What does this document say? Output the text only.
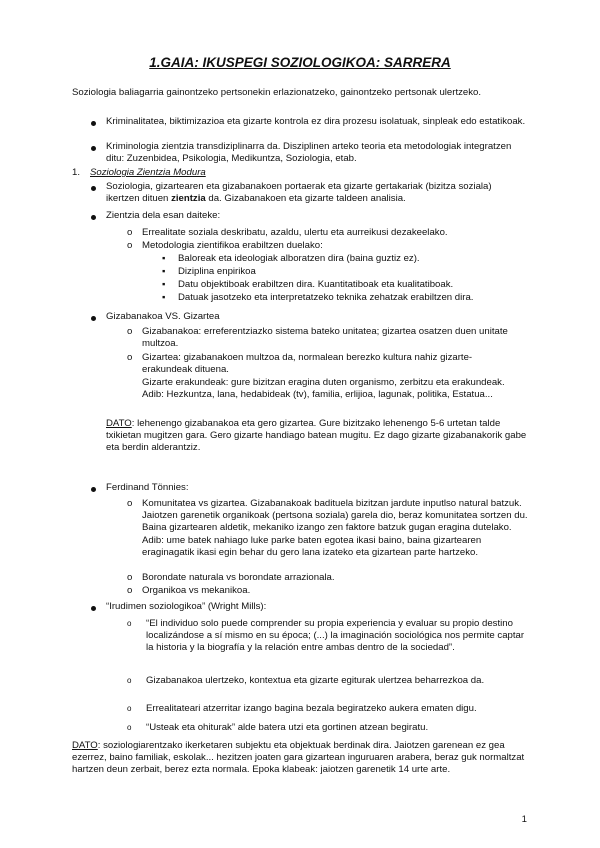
1.GAIA: IKUSPEGI SOZIOLOGIKOA: SARRERA

Soziologia baliagarria gainontzeko pertsonekin erlazionatzeko, gainontzeko pertsonak ulertzeko.

Kriminalitatea, biktimizazioa eta gizarte kontrola ez dira prozesu isolatuak, sinpleak edo estatikoak.

Kriminologia zientzia transdiziplinarra da. Disziplinen arteko teoria eta metodologiak integratzen ditu: Zuzenbidea, Psikologia, Medikuntza, Soziologia, etab.

1. Soziologia Zientzia Modura

Soziologia, gizartearen eta gizabanakoen portaerak eta gizarte gertakariak (bizitza soziala) ikertzen dituen zientzia da. Gizabanakoen eta gizarte taldeen analisia.

Zientzia dela esan daiteke:

o Errealitate soziala deskribatu, azaldu, ulertu eta aurreikusi dezakeelako.

o Metodologia zientifikoa erabiltzen duelako:

▪ Baloreak eta ideologiak alboratzen dira (baina guztiz ez).

▪ Diziplina enpirikoa

▪ Datu objektiboak erabiltzen dira. Kuantitatiboak eta kualitatiboak.

▪ Datuak jasotzeko eta interpretatzeko teknika zehatzak erabiltzen dira.

Gizabanakoa VS. Gizartea

o Gizabanakoa: erreferentziazko sistema bateko unitatea; gizartea osatzen duen unitate multzoa.

o Gizartea: gizabanakoen multzoa da, normalean berezko kultura nahiz gizarte-erakundeak dituena.

Gizarte erakundeak: gure bizitzan eragina duten organismo, zerbitzu eta erakundeak. Adib: Hezkuntza, lana, hedabideak (tv), familia, erlijioa, lagunak, politika, Estatua...

DATO: lehenengo gizabanakoa eta gero gizartea. Gure bizitzako lehenengo 5-6 urtetan talde txikietan mugitzen gara. Gero gizarte handiago batean mugitu. Ez dago gizarte gizabanakorik gabe eta berdin alderantziz.

Ferdinand Tönnies:

o Komunitatea vs gizartea. Gizabanakoak badituela bizitzan jardute inputlso natural batzuk. Jaiotzen garenetik organikoak (pertsona soziala) garela dio, beraz komunitatea sortzen du. Baina gizartearen aldetik, mekaniko izango zen faktore batzuk gugan eragina dutelako. Adib: ume batek nahiago luke parke baten egotea ikasi baino, baina gizartearen eraginagatik ikasi egin behar du gero lana izateko eta gizartean parte hartzeko.

o Borondate naturala vs borondate arrazionala.

o Organikoa vs mekanikoa.

“Irudimen soziologikoa” (Wright Mills):

o “El individuo solo puede comprender su propia experiencia y evaluar su propio destino localizándose a sí mismo en su época; (...) la imaginación sociológica nos permite captar la historia y la biografía y la relación entre ambas dentro de la sociedad”.

o Gizabanakoa ulertzeko, kontextua eta gizarte egiturak ulertzea beharrezkoa da.

o Errealitateari atzerritar izango bagina bezala begiratzeko aukera ematen digu.

o “Usteak eta ohiturak” alde batera utzi eta gortinen atzean begiratu.

DATO: soziologiarentzako ikerketaren subjektu eta objektuak berdinak dira. Jaiotzen garenean ez gea ezerrez, baino familiak, eskolak... hezitzen joaten gara gizartean inguruaren arabera, beraz guk normaltzat hartzen deun zerbait, berez ezta normala. Epoka klabeak: jaiotzen garenetik 14 urte arte.

1
